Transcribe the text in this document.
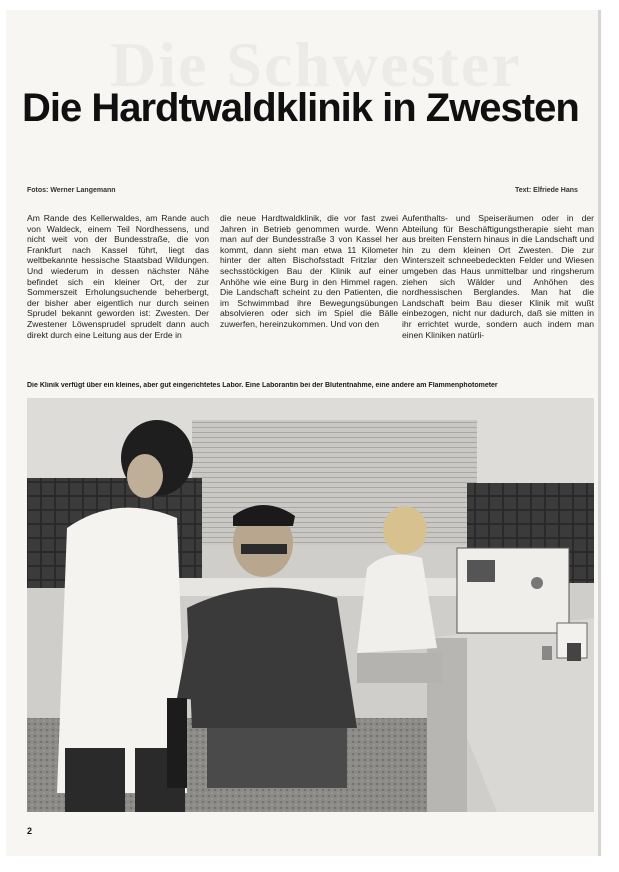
Die Schwester
Die Hardtwaldklinik in Zwesten
Fotos: Werner Langemann	Text: Elfriede Hans

Am Rande des Kellerwaldes, am Rande auch von Waldeck, einem Teil Nordhessens, und nicht weit von der Bundesstraße, die von Frankfurt nach Kassel führt, liegt das weltbekannte hessische Staatsbad Wildungen. Und wiederum in dessen nächster Nähe befindet sich ein kleiner Ort, der zur Sommerszeit Erholungsuchende beherbergt, der bisher aber eigentlich nur durch seinen Sprudel bekannt geworden ist: Zwesten. Der Zwestener Löwensprudel sprudelt dann auch direkt durch eine Leitung aus der Erde in

die neue Hardtwaldklinik, die vor fast zwei Jahren in Betrieb genommen wurde. Wenn man auf der Bundesstraße 3 von Kassel her kommt, dann sieht man etwa 11 Kilometer hinter der alten Bischofsstadt Fritzlar den sechsstöckigen Bau der Klinik auf einer Anhöhe wie eine Burg in den Himmel ragen. Die Landschaft scheint zu den Patienten, die im Schwimmbad ihre Bewegungsübungen absolvieren oder sich im Spiel die Bälle zuwerfen, hereinzukommen. Und von den

Aufenthalts- und Speiseräumen oder in der Abteilung für Beschäftigungstherapie sieht man aus breiten Fenstern hinaus in die Landschaft und hin zu dem kleinen Ort Zwesten. Die zur Winterszeit schneebedeckten Felder und Wiesen umgeben das Haus unmittelbar und ringsherum ziehen sich Wälder und Anhöhen des nordhessischen Berglandes. Man hat die Landschaft beim Bau dieser Klinik mit wußt einbezogen, nicht nur dadurch, daß sie mitten in ihr errichtet wurde, sondern auch indem man einen Kliniken natürli-

Die Klinik verfügt über ein kleines, aber gut eingerichtetes Labor. Eine Laborantin bei der Blutentnahme, eine andere am Flammenphotometer
2
